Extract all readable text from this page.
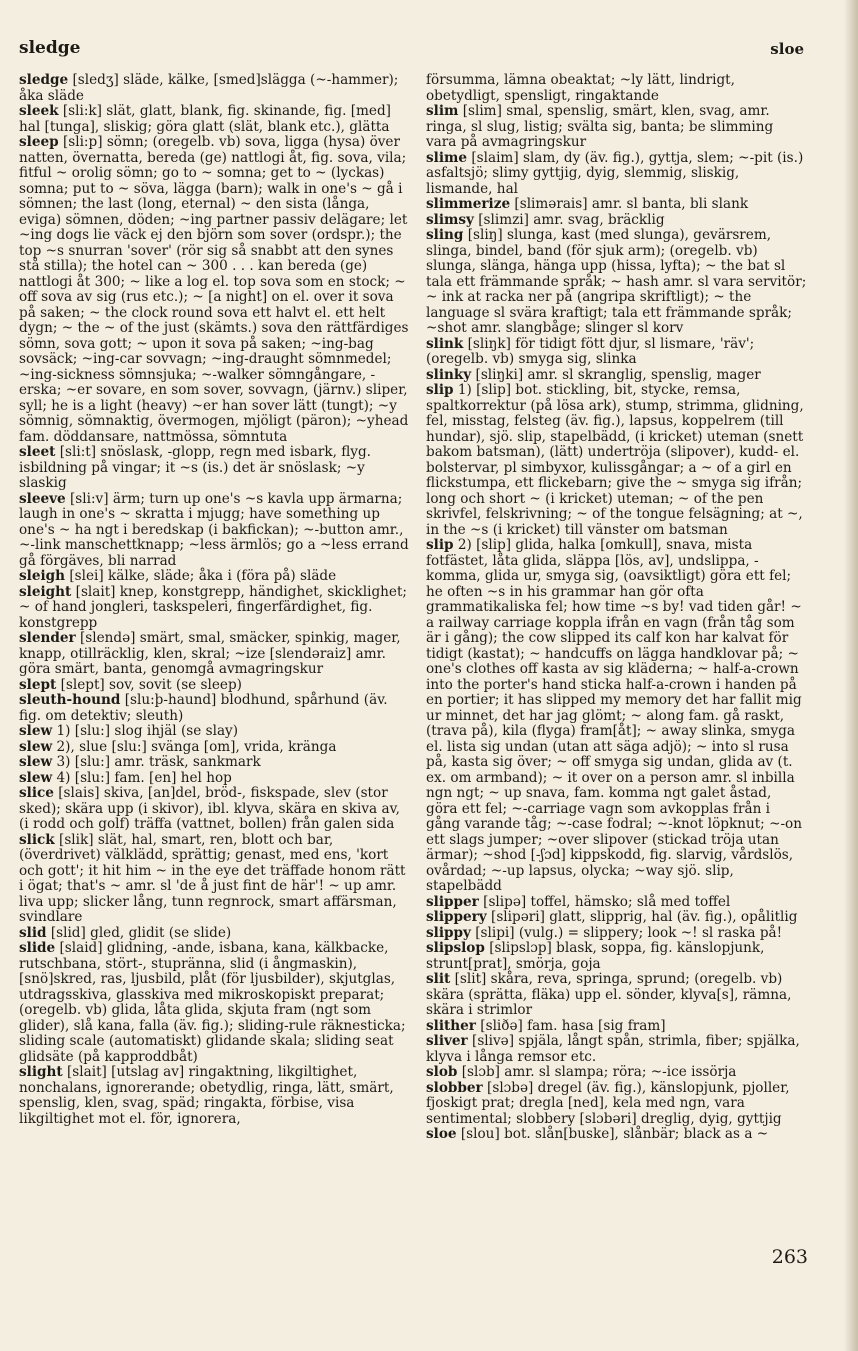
sledge	sloe
sledge [sledʒ] släde, kälke, [smed]slägga (~-hammer); åka släde
sleek [sli:k] slät, glatt, blank, fig. skinande, fig. [med] hal [tunga], sliskig; göra glatt (slät, blank etc.), glätta
sleep [sli:p] sömn; (oregelb. vb) sova, ligga (hysa) över natten, övernatta, bereda (ge) nattlogi åt, fig. sova, vila; fitful ~ orolig sömn; go to ~ somna; get to ~ (lyckas) somna; put to ~ söva, lägga (barn); walk in one's ~ gå i sömnen; the last (long, eternal) ~ den sista (långa, eviga) sömnen, döden; ~ing partner passiv delägare; let ~ing dogs lie väck ej den björn som sover (ordspr.); the top ~s snurran 'sover' (rör sig så snabbt att den synes stå stilla); the hotel can ~ 300 . . . kan bereda (ge) nattlogi åt 300; ~ like a log el. top sova som en stock; ~ off sova av sig (rus etc.); ~ [a night] on el. over it sova på saken; ~ the clock round sova ett halvt el. ett helt dygn; ~ the ~ of the just (skämts.) sova den rättfärdiges sömn, sova gott; ~ upon it sova på saken; ~ing-bag sovsäck; ~ing-car sovvagn; ~ing-draught sömnmedel; ~ing-sickness sömnsjuka; ~-walker sömngångare, -erska; ~er sovare, en som sover, sovvagn, (järnv.) sliper, syll; he is a light (heavy) ~er han sover lätt (tungt); ~y sömnig, sömnaktig, övermogen, mjöligt (päron); ~yhead fam. döddansare, nattmössa, sömntuta
sleet [sli:t] snöslask, -glopp, regn med isbark, flyg. isbildning på vingar; it ~s (is.) det är snöslask; ~y slaskig
sleeve [sli:v] ärm; turn up one's ~s kavla upp ärmarna; laugh in one's ~ skratta i mjugg; have something up one's ~ ha ngt i beredskap (i bakfickan); ~-button amr., ~-link manschettknapp; ~less ärmlös; go a ~less errand gå förgäves, bli narrad
sleigh [slei] kälke, släde; åka i (föra på) släde
sleight [slait] knep, konstgrepp, händighet, skicklighet; ~ of hand jongleri, taskspeleri, fingerfärdighet, fig. konstgrepp
slender [slendə] smärt, smal, smäcker, spinkig, mager, knapp, otillräcklig, klen, skral; ~ize [slendəraiz] amr. göra smärt, banta, genomgå avmagringskur
slept [slept] sov, sovit (se sleep)
sleuth-hound [slu:þ-haund] blodhund, spårhund (äv. fig. om detektiv; sleuth)
slew 1) [slu:] slog ihjäl (se slay)
slew 2), slue [slu:] svänga [om], vrida, kränga
slew 3) [slu:] amr. träsk, sankmark
slew 4) [slu:] fam. [en] hel hop
slice [slais] skiva, [an]del, bröd-, fiskspade, slev (stor sked); skära upp (i skivor), ibl. klyva, skära en skiva av, (i rodd och golf) träffa (vattnet, bollen) från galen sida
slick [slik] slät, hal, smart, ren, blott och bar, (överdrivet) välklädd, sprättig; genast, med ens, 'kort och gott'; it hit him ~ in the eye det träffade honom rätt i ögat; that's ~ amr. sl 'de å just fint de här'! ~ up amr. liva upp; slicker lång, tunn regnrock, smart affärsman, svindlare
slid [slid] gled, glidit (se slide)
slide [slaid] glidning, -ande, isbana, kana, kälkbacke, rutschbana, stört-, stupränna, slid (i ångmaskin), [snö]skred, ras, ljusbild, plåt (för ljusbilder), skjutglas, utdragsskiva, glasskiva med mikroskopiskt preparat; (oregelb. vb) glida, låta glida, skjuta fram (ngt som glider), slå kana, falla (äv. fig.); sliding-rule räknesticka; sliding scale (automatiskt) glidande skala; sliding seat glidsäte (på kapproddbåt)
slight [slait] [utslag av] ringaktning, likgiltighet, nonchalans, ignorerande; obetydlig, ringa, lätt, smärt, spenslig, klen, svag, späd; ringakta, förbise, visa likgiltighet mot el. för, ignorera,
försumma, lämna obeaktat; ~ly lätt, lindrigt, obetydligt, spensligt, ringaktande
slim [slim] smal, spenslig, smärt, klen, svag, amr. ringa, sl slug, listig; svälta sig, banta; be slimming vara på avmagringskur
slime [slaim] slam, dy (äv. fig.), gyttja, slem; ~-pit (is.) asfaltsjö; slimy gyttjig, dyig, slemmig, sliskig, lismande, hal
slimmerize [slimərais] amr. sl banta, bli slank
slimsy [slimzi] amr. svag, bräcklig
sling [sliŋ] slunga, kast (med slunga), gevärsrem, slinga, bindel, band (för sjuk arm); (oregelb. vb) slunga, slänga, hänga upp (hissa, lyfta); ~ the bat sl tala ett främmande språk; ~ hash amr. sl vara servitör; ~ ink at racka ner på (angripa skriftligt); ~ the language sl svära kraftigt; tala ett främmande språk; ~shot amr. slangbåge; slinger sl korv
slink [sliŋk] för tidigt fött djur, sl lismare, 'räv'; (oregelb. vb) smyga sig, slinka
slinky [sliŋki] amr. sl skranglig, spenslig, mager
slip 1) [slip] bot. stickling, bit, stycke, remsa, spaltkorrektur (på lösa ark), stump, strimma, glidning, fel, misstag, felsteg (äv. fig.), lapsus, koppelrem (till hundar), sjö. slip, stapelbädd, (i kricket) uteman (snett bakom batsman), (lätt) undertröja (slipover), kudd- el. bolstervar, pl simbyxor, kulissgångar; a ~ of a girl en flickstumpa, ett flickebarn; give the ~ smyga sig ifrån; long och short ~ (i kricket) uteman; ~ of the pen skrivfel, felskrivning; ~ of the tongue felsägning; at ~, in the ~s (i kricket) till vänster om batsman
slip 2) [slip] glida, halka [omkull], snava, mista fotfästet, låta glida, släppa [lös, av], undslippa, -komma, glida ur, smyga sig, (oavsiktligt) göra ett fel; he often ~s in his grammar han gör ofta grammatikaliska fel; how time ~s by! vad tiden går! ~ a railway carriage koppla ifrån en vagn (från tåg som är i gång); the cow slipped its calf kon har kalvat för tidigt (kastat); ~ handcuffs on lägga handklovar på; ~ one's clothes off kasta av sig kläderna; ~ half-a-crown into the porter's hand sticka half-a-crown i handen på en portier; it has slipped my memory det har fallit mig ur minnet, det har jag glömt; ~ along fam. gå raskt, (trava på), kila (flyga) fram[åt]; ~ away slinka, smyga el. lista sig undan (utan att säga adjö); ~ into sl rusa på, kasta sig över; ~ off smyga sig undan, glida av (t. ex. om armband); ~ it over on a person amr. sl inbilla ngn ngt; ~ up snava, fam. komma ngt galet åstad, göra ett fel; ~-carriage vagn som avkopplas från i gång varande tåg; ~-case fodral; ~-knot löpknut; ~-on ett slags jumper; ~over slipover (stickad tröja utan ärmar); ~shod [-ʃɔd] kippskodd, fig. slarvig, vårdslös, ovårdad; ~-up lapsus, olycka; ~way sjö. slip, stapelbädd
slipper [slipə] toffel, hämsko; slå med toffel
slippery [slipəri] glatt, slipprig, hal (äv. fig.), opålitlig
slippy [slipi] (vulg.) = slippery; look ~! sl raska på!
slipslop [slipslɔp] blask, soppa, fig. känslopjunk, strunt[prat], smörja, goja
slit [slit] skåra, reva, springa, sprund; (oregelb. vb) skära (sprätta, fläka) upp el. sönder, klyva[s], rämna, skära i strimlor
slither [sliðə] fam. hasa [sig fram]
sliver [slivə] spjäla, långt spån, strimla, fiber; spjälka, klyva i långa remsor etc.
slob [slɔb] amr. sl slampa; röra; ~-ice issörja
slobber [slɔbə] dregel (äv. fig.), känslopjunk, pjoller, fjoskigt prat; dregla [ned], kela med ngn, vara sentimental; slobbery [slɔbəri] dreglig, dyig, gyttjig
sloe [slou] bot. slån[buske], slånbär; black as a ~
263
